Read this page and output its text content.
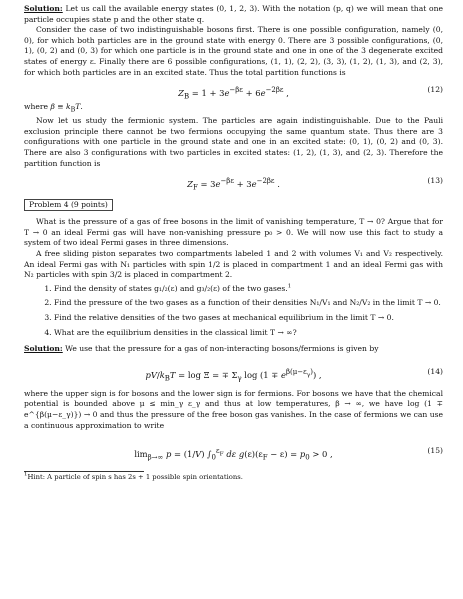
Solution: Let us call the available energy states (0, 1, 2, 3). With the notation (p, q) we will mean that one particle occupies state p and the other state q.

Consider the case of two indistinguishable bosons first. There is one possible configuration, namely (0, 0), for which both particles are in the ground state with energy 0. There are 3 possible configurations, (0, 1), (0, 2) and (0, 3) for which one particle is in the ground state and one in one of the 3 degenerate excited states of energy ε. Finally there are 6 possible configurations, (1, 1), (2, 2), (3, 3), (1, 2), (1, 3), and (2, 3), for which both particles are in an excited state. Thus the total partition functions is

$Z_B = 1 + 3e^{-\beta\varepsilon} + 6e^{-2\beta\varepsilon}$ ,	(12)

where $\beta \equiv k_BT$.

Now let us study the fermionic system. The particles are again indistinguishable. Due to the Pauli exclusion principle there cannot be two fermions occupying the same quantum state. Thus there are 3 configurations with one particle in the ground state and one in an excited state: (0, 1), (0, 2) and (0, 3). There are also 3 configurations with two particles in excited states: (1, 2), (1, 3), and (2, 3). Therefore the partition function is

$Z_F = 3e^{-\beta\varepsilon} + 3e^{-2\beta\varepsilon}$ .	(13)
Problem 4 (9 points)

What is the pressure of a gas of free bosons in the limit of vanishing temperature, T → 0? Argue that for T → 0 an ideal Fermi gas will have non-vanishing pressure p₀ > 0. We will now use this fact to study a system of two ideal Fermi gases in three dimensions.

A free sliding piston separates two compartments labeled 1 and 2 with volumes V₁ and V₂ respectively. An ideal Fermi gas with N₁ particles with spin 1/2 is placed in compartment 1 and an ideal Fermi gas with N₂ particles with spin 3/2 is placed in compartment 2.

1. Find the density of states g₁/₂(ε) and g₃/₂(ε) of the two gases.$^1$
2. Find the pressure of the two gases as a function of their densities N₁/V₁ and N₂/V₂ in the limit T → 0.
3. Find the relative densities of the two gases at mechanical equilibrium in the limit T → 0.
4. What are the equilibrium densities in the classical limit T → ∞?

Solution: We use that the pressure for a gas of non-interacting bosons/fermions is given by

$pV/k_BT = \log \Xi$ = ∓ $\Sigma_\gamma$ $\log (1 \mp e^{\beta(\mu-\varepsilon_\gamma)})$ ,	(14)

where the upper sign is for bosons and the lower sign is for fermions. For bosons we have that the chemical potential is bounded above μ ≤ min_γ ε_γ and thus at low temperatures, β → ∞, we have log (1 ∓ e^{β(μ−ε_γ)}) → 0 and thus the pressure of the free boson gas vanishes. In the case of fermions we can use a continuous approximation to write

$\lim_{\beta\to\infty} p = (1/V)$ $\int_0^{\varepsilon_F}$ dε $g(\varepsilon)(\varepsilon_F - \varepsilon) = p_0 > 0$ ,	(15)

$^1$Hint: A particle of spin s has 2s + 1 possible spin orientations.
